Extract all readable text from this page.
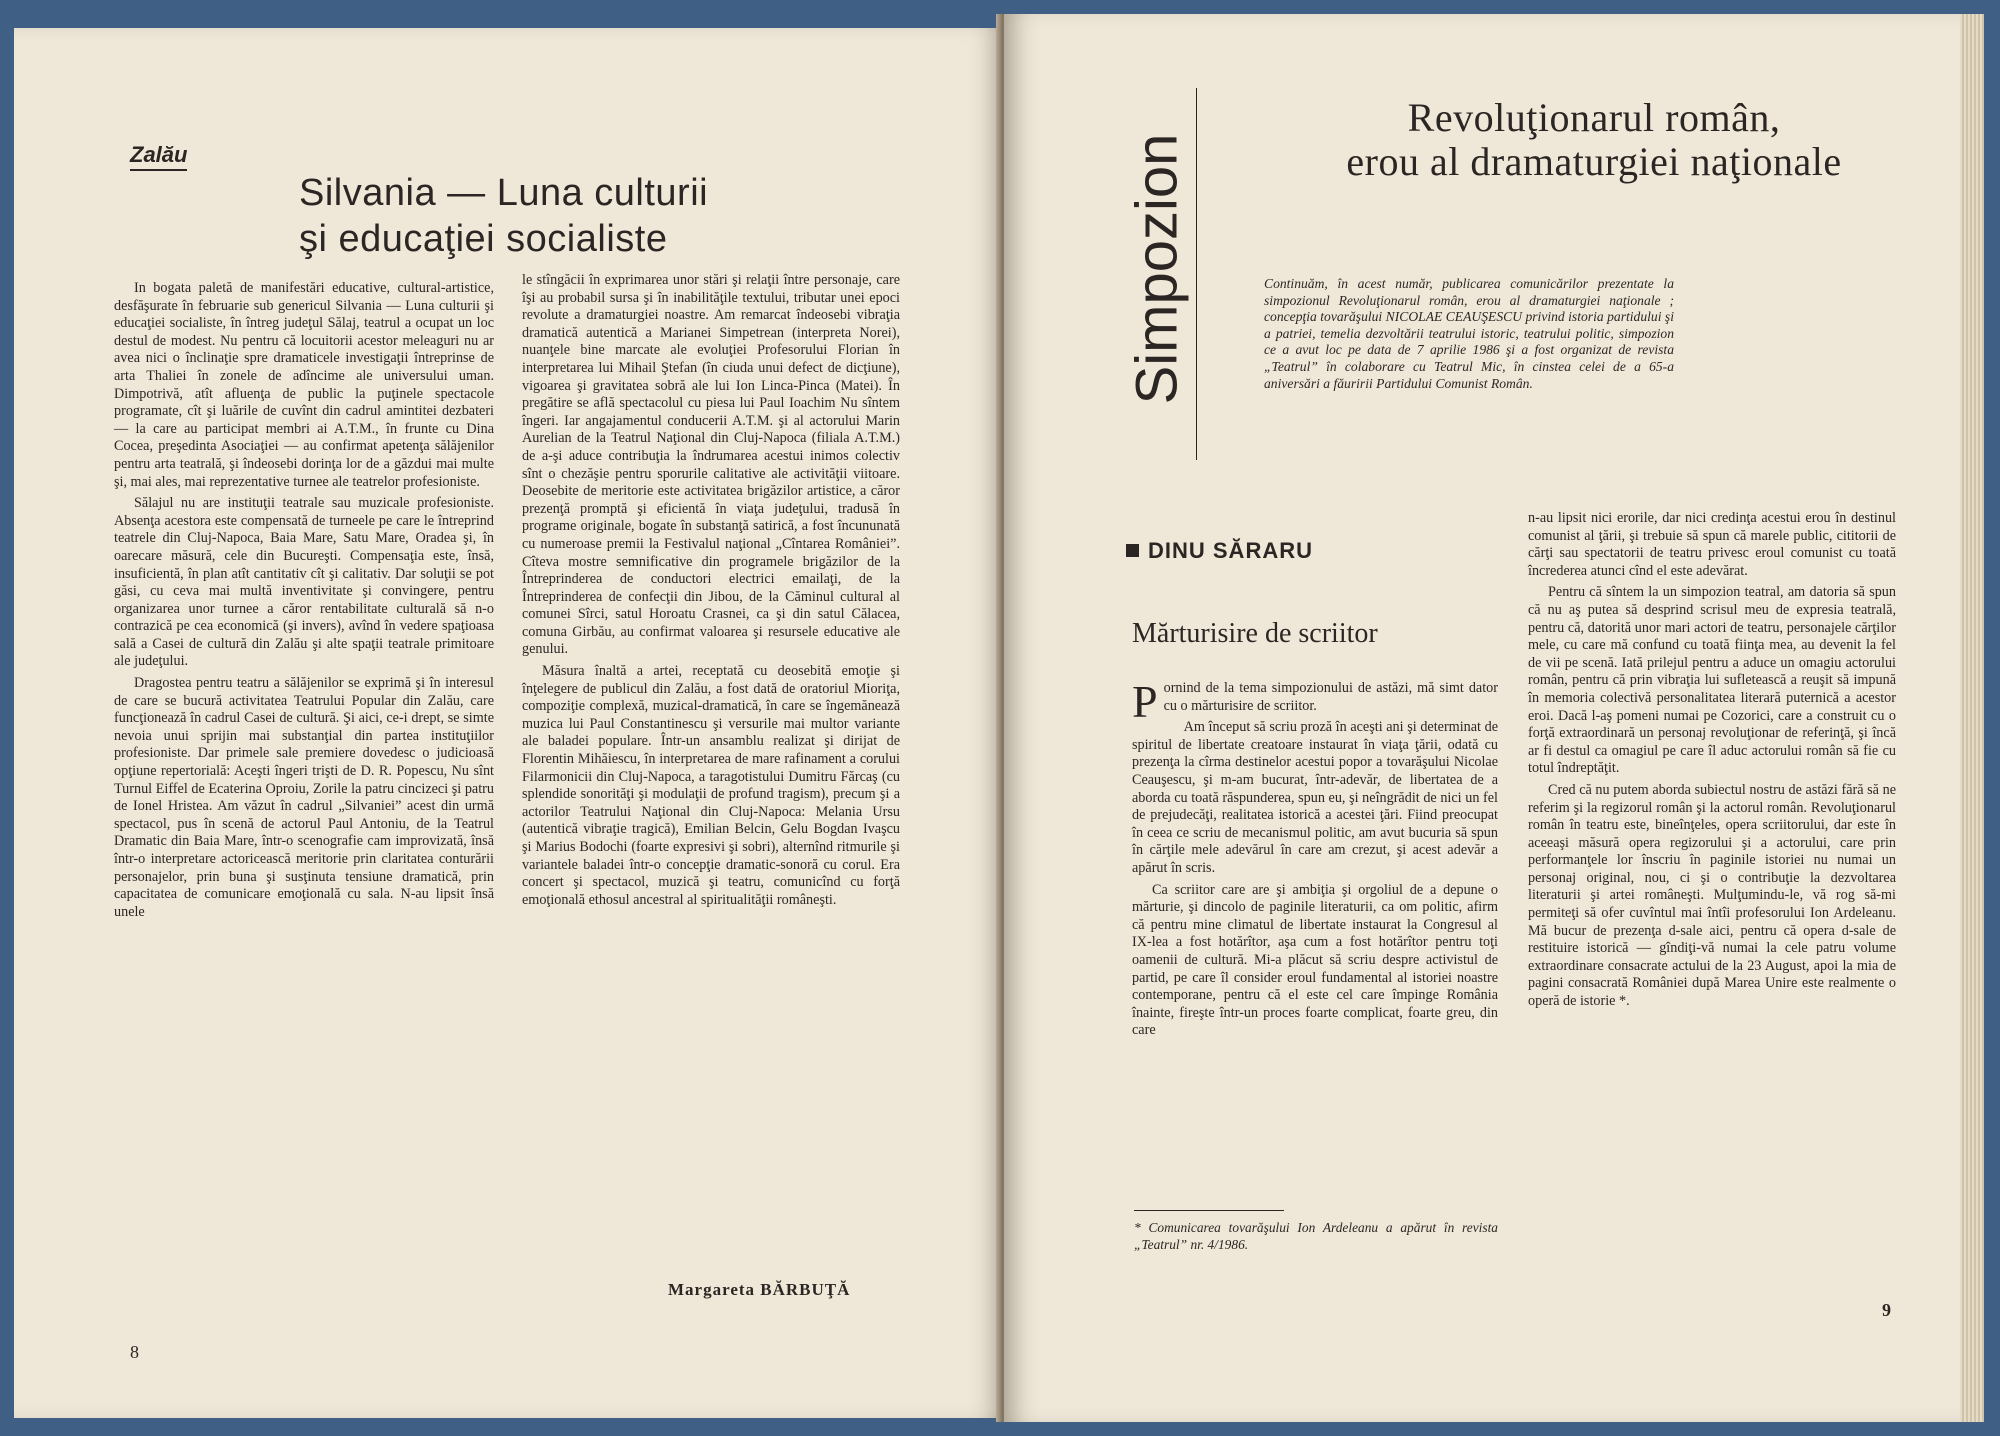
Zalău
Silvania — Luna culturii
şi educaţiei socialiste

In bogata paletă de manifestări educative, cultural-artistice, desfăşurate în februarie sub genericul Silvania — Luna culturii şi educaţiei socialiste, în întreg judeţul Sălaj, teatrul a ocupat un loc destul de modest. Nu pentru că locuitorii acestor meleaguri nu ar avea nici o înclinaţie spre dramaticele investigaţii întreprinse de arta Thaliei în zonele de adîncime ale universului uman. Dimpotrivă, atît afluenţa de public la puţinele spectacole programate, cît şi luările de cuvînt din cadrul amintitei dezbateri — la care au participat membri ai A.T.M., în frunte cu Dina Cocea, preşedinta Asociaţiei — au confirmat apetenţa sălăjenilor pentru arta teatrală, şi îndeosebi dorinţa lor de a găzdui mai multe şi, mai ales, mai reprezentative turnee ale teatrelor profesioniste.

Sălajul nu are instituţii teatrale sau muzicale profesioniste. Absenţa acestora este compensată de turneele pe care le întreprind teatrele din Cluj-Napoca, Baia Mare, Satu Mare, Oradea şi, în oarecare măsură, cele din Bucureşti. Compensaţia este, însă, insuficientă, în plan atît cantitativ cît şi calitativ. Dar soluţii se pot găsi, cu ceva mai multă inventivitate şi convingere, pentru organizarea unor turnee a căror rentabilitate culturală să n-o contrazică pe cea economică (şi invers), avînd în vedere spaţioasa sală a Casei de cultură din Zalău şi alte spaţii teatrale primitoare ale judeţului.

Dragostea pentru teatru a sălăjenilor se exprimă şi în interesul de care se bucură activitatea Teatrului Popular din Zalău, care funcţionează în cadrul Casei de cultură. Şi aici, ce-i drept, se simte nevoia unui sprijin mai substanţial din partea instituţiilor profesioniste. Dar primele sale premiere dovedesc o judicioasă opţiune repertorială: Aceşti îngeri trişti de D. R. Popescu, Nu sînt Turnul Eiffel de Ecaterina Oproiu, Zorile la patru cincizeci şi patru de Ionel Hristea. Am văzut în cadrul „Silvaniei” acest din urmă spectacol, pus în scenă de actorul Paul Antoniu, de la Teatrul Dramatic din Baia Mare, într-o scenografie cam improvizată, însă într-o interpretare actoricească meritorie prin claritatea conturării personajelor, prin buna şi susţinuta tensiune dramatică, prin capacitatea de comunicare emoţională cu sala. N-au lipsit însă unele

le stîngăcii în exprimarea unor stări şi relaţii între personaje, care îşi au probabil sursa şi în inabilităţile textului, tributar unei epoci revolute a dramaturgiei noastre. Am remarcat îndeosebi vibraţia dramatică autentică a Marianei Simpetrean (interpreta Norei), nuanţele bine marcate ale evoluţiei Profesorului Florian în interpretarea lui Mihail Ştefan (în ciuda unui defect de dicţiune), vigoarea şi gravitatea sobră ale lui Ion Linca-Pinca (Matei). În pregătire se află spectacolul cu piesa lui Paul Ioachim Nu sîntem îngeri. Iar angajamentul conducerii A.T.M. şi al actorului Marin Aurelian de la Teatrul Naţional din Cluj-Napoca (filiala A.T.M.) de a-şi aduce contribuţia la îndrumarea acestui inimos colectiv sînt o chezăşie pentru sporurile calitative ale activităţii viitoare. Deosebite de meritorie este activitatea brigăzilor artistice, a căror prezenţă promptă şi eficientă în viaţa judeţului, tradusă în programe originale, bogate în substanţă satirică, a fost încununată cu numeroase premii la Festivalul naţional „Cîntarea României”. Cîteva mostre semnificative din programele brigăzilor de la Întreprinderea de conductori electrici emailaţi, de la Întreprinderea de confecţii din Jibou, de la Căminul cultural al comunei Sîrci, satul Horoatu Crasnei, ca şi din satul Călacea, comuna Girbău, au confirmat valoarea şi resursele educative ale genului.

Măsura înaltă a artei, receptată cu deosebită emoţie şi înţelegere de publicul din Zalău, a fost dată de oratoriul Mioriţa, compoziţie complexă, muzical-dramatică, în care se îngemănează muzica lui Paul Constantinescu şi versurile mai multor variante ale baladei populare. Într-un ansamblu realizat şi dirijat de Florentin Mihăiescu, în interpretarea de mare rafinament a corului Filarmonicii din Cluj-Napoca, a taragotistului Dumitru Fărcaş (cu splendide sonorităţi şi modulaţii de profund tragism), precum şi a actorilor Teatrului Naţional din Cluj-Napoca: Melania Ursu (autentică vibraţie tragică), Emilian Belcin, Gelu Bogdan Ivaşcu şi Marius Bodochi (foarte expresivi şi sobri), alternînd ritmurile şi variantele baladei într-o concepţie dramatic-sonoră cu corul. Era concert şi spectacol, muzică şi teatru, comunicînd cu forţă emoţională ethosul ancestral al spiritualităţii româneşti.

Margareta BĂRBUŢĂ
8
Simpozion
Revoluţionarul român,
erou al dramaturgiei naţionale
Continuăm, în acest număr, publicarea comunicărilor prezentate la simpozionul Revoluţionarul român, erou al dramaturgiei naţionale ; concepţia tovarăşului NICOLAE CEAUŞESCU privind istoria partidului şi a patriei, temelia dezvoltării teatrului istoric, teatrului politic, simpozion ce a avut loc pe data de 7 aprilie 1986 şi a fost organizat de revista „Teatrul” în colaborare cu Teatrul Mic, în cinstea celei de a 65-a aniversări a făuririi Partidului Comunist Român.
DINU SĂRARU
Mărturisire de scriitor

Pornind de la tema simpozionului de astăzi, mă simt dator cu o mărturisire de scriitor.

Am început să scriu proză în aceşti ani şi determinat de spiritul de libertate creatoare instaurat în viaţa ţării, odată cu prezenţa la cîrma destinelor acestui popor a tovarăşului Nicolae Ceauşescu, şi m-am bucurat, într-adevăr, de libertatea de a aborda cu toată răspunderea, spun eu, şi neîngrădit de nici un fel de prejudecăţi, realitatea istorică a acestei ţări. Fiind preocupat în ceea ce scriu de mecanismul politic, am avut bucuria să spun în cărţile mele adevărul în care am crezut, şi acest adevăr a apărut în scris.

Ca scriitor care are şi ambiţia şi orgoliul de a depune o mărturie, şi dincolo de paginile literaturii, ca om politic, afirm că pentru mine climatul de libertate instaurat la Congresul al IX-lea a fost hotărîtor, aşa cum a fost hotărîtor pentru toţi oamenii de cultură. Mi-a plăcut să scriu despre activistul de partid, pe care îl consider eroul fundamental al istoriei noastre contemporane, pentru că el este cel care împinge România înainte, fireşte într-un proces foarte complicat, foarte greu, din care

* Comunicarea tovarăşului Ion Ardeleanu a apărut în revista „Teatrul” nr. 4/1986.

n-au lipsit nici erorile, dar nici credinţa acestui erou în destinul comunist al ţării, şi trebuie să spun că marele public, cititorii de cărţi sau spectatorii de teatru privesc eroul comunist cu toată încrederea atunci cînd el este adevărat.

Pentru că sîntem la un simpozion teatral, am datoria să spun că nu aş putea să desprind scrisul meu de expresia teatrală, pentru că, datorită unor mari actori de teatru, personajele cărţilor mele, cu care mă confund cu toată fiinţa mea, au devenit la fel de vii pe scenă. Iată prilejul pentru a aduce un omagiu actorului român, pentru că prin vibraţia lui sufletească a reuşit să impună în memoria colectivă personalitatea literară puternică a acestor eroi. Dacă l-aş pomeni numai pe Cozorici, care a construit cu o forţă extraordinară un personaj revoluţionar de referinţă, şi încă ar fi destul ca omagiul pe care îl aduc actorului român să fie cu totul îndreptăţit.

Cred că nu putem aborda subiectul nostru de astăzi fără să ne referim şi la regizorul român şi la actorul român. Revoluţionarul român în teatru este, bineînţeles, opera scriitorului, dar este în aceeaşi măsură opera regizorului şi a actorului, care prin performanţele lor înscriu în paginile istoriei nu numai un personaj original, nou, ci şi o contribuţie la dezvoltarea literaturii şi artei româneşti. Mulţumindu-le, vă rog să-mi permiteţi să ofer cuvîntul mai întîi profesorului Ion Ardeleanu. Mă bucur de prezenţa d-sale aici, pentru că opera d-sale de restituire istorică — gîndiţi-vă numai la cele patru volume extraordinare consacrate actului de la 23 August, apoi la mia de pagini consacrată României după Marea Unire este realmente o operă de istorie *.

9
